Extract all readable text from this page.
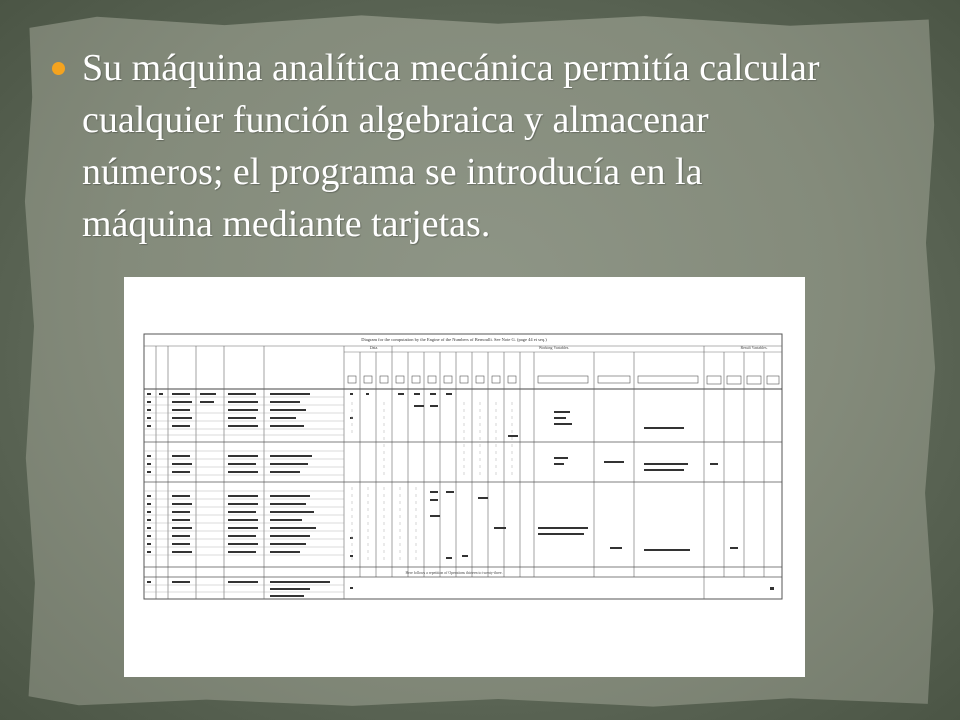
Su máquina analítica mecánica permitía calcular cualquier función algebraica y almacenar números; el programa se introducía en la máquina mediante tarjetas.
Diagram for the computation by the Engine of the Numbers of Bernoulli. See Note G. (page 44 et seq.)
Data.	Working Variables.	Result Variables.
Here follows a repetition of Operations thirteen to twenty-three.
